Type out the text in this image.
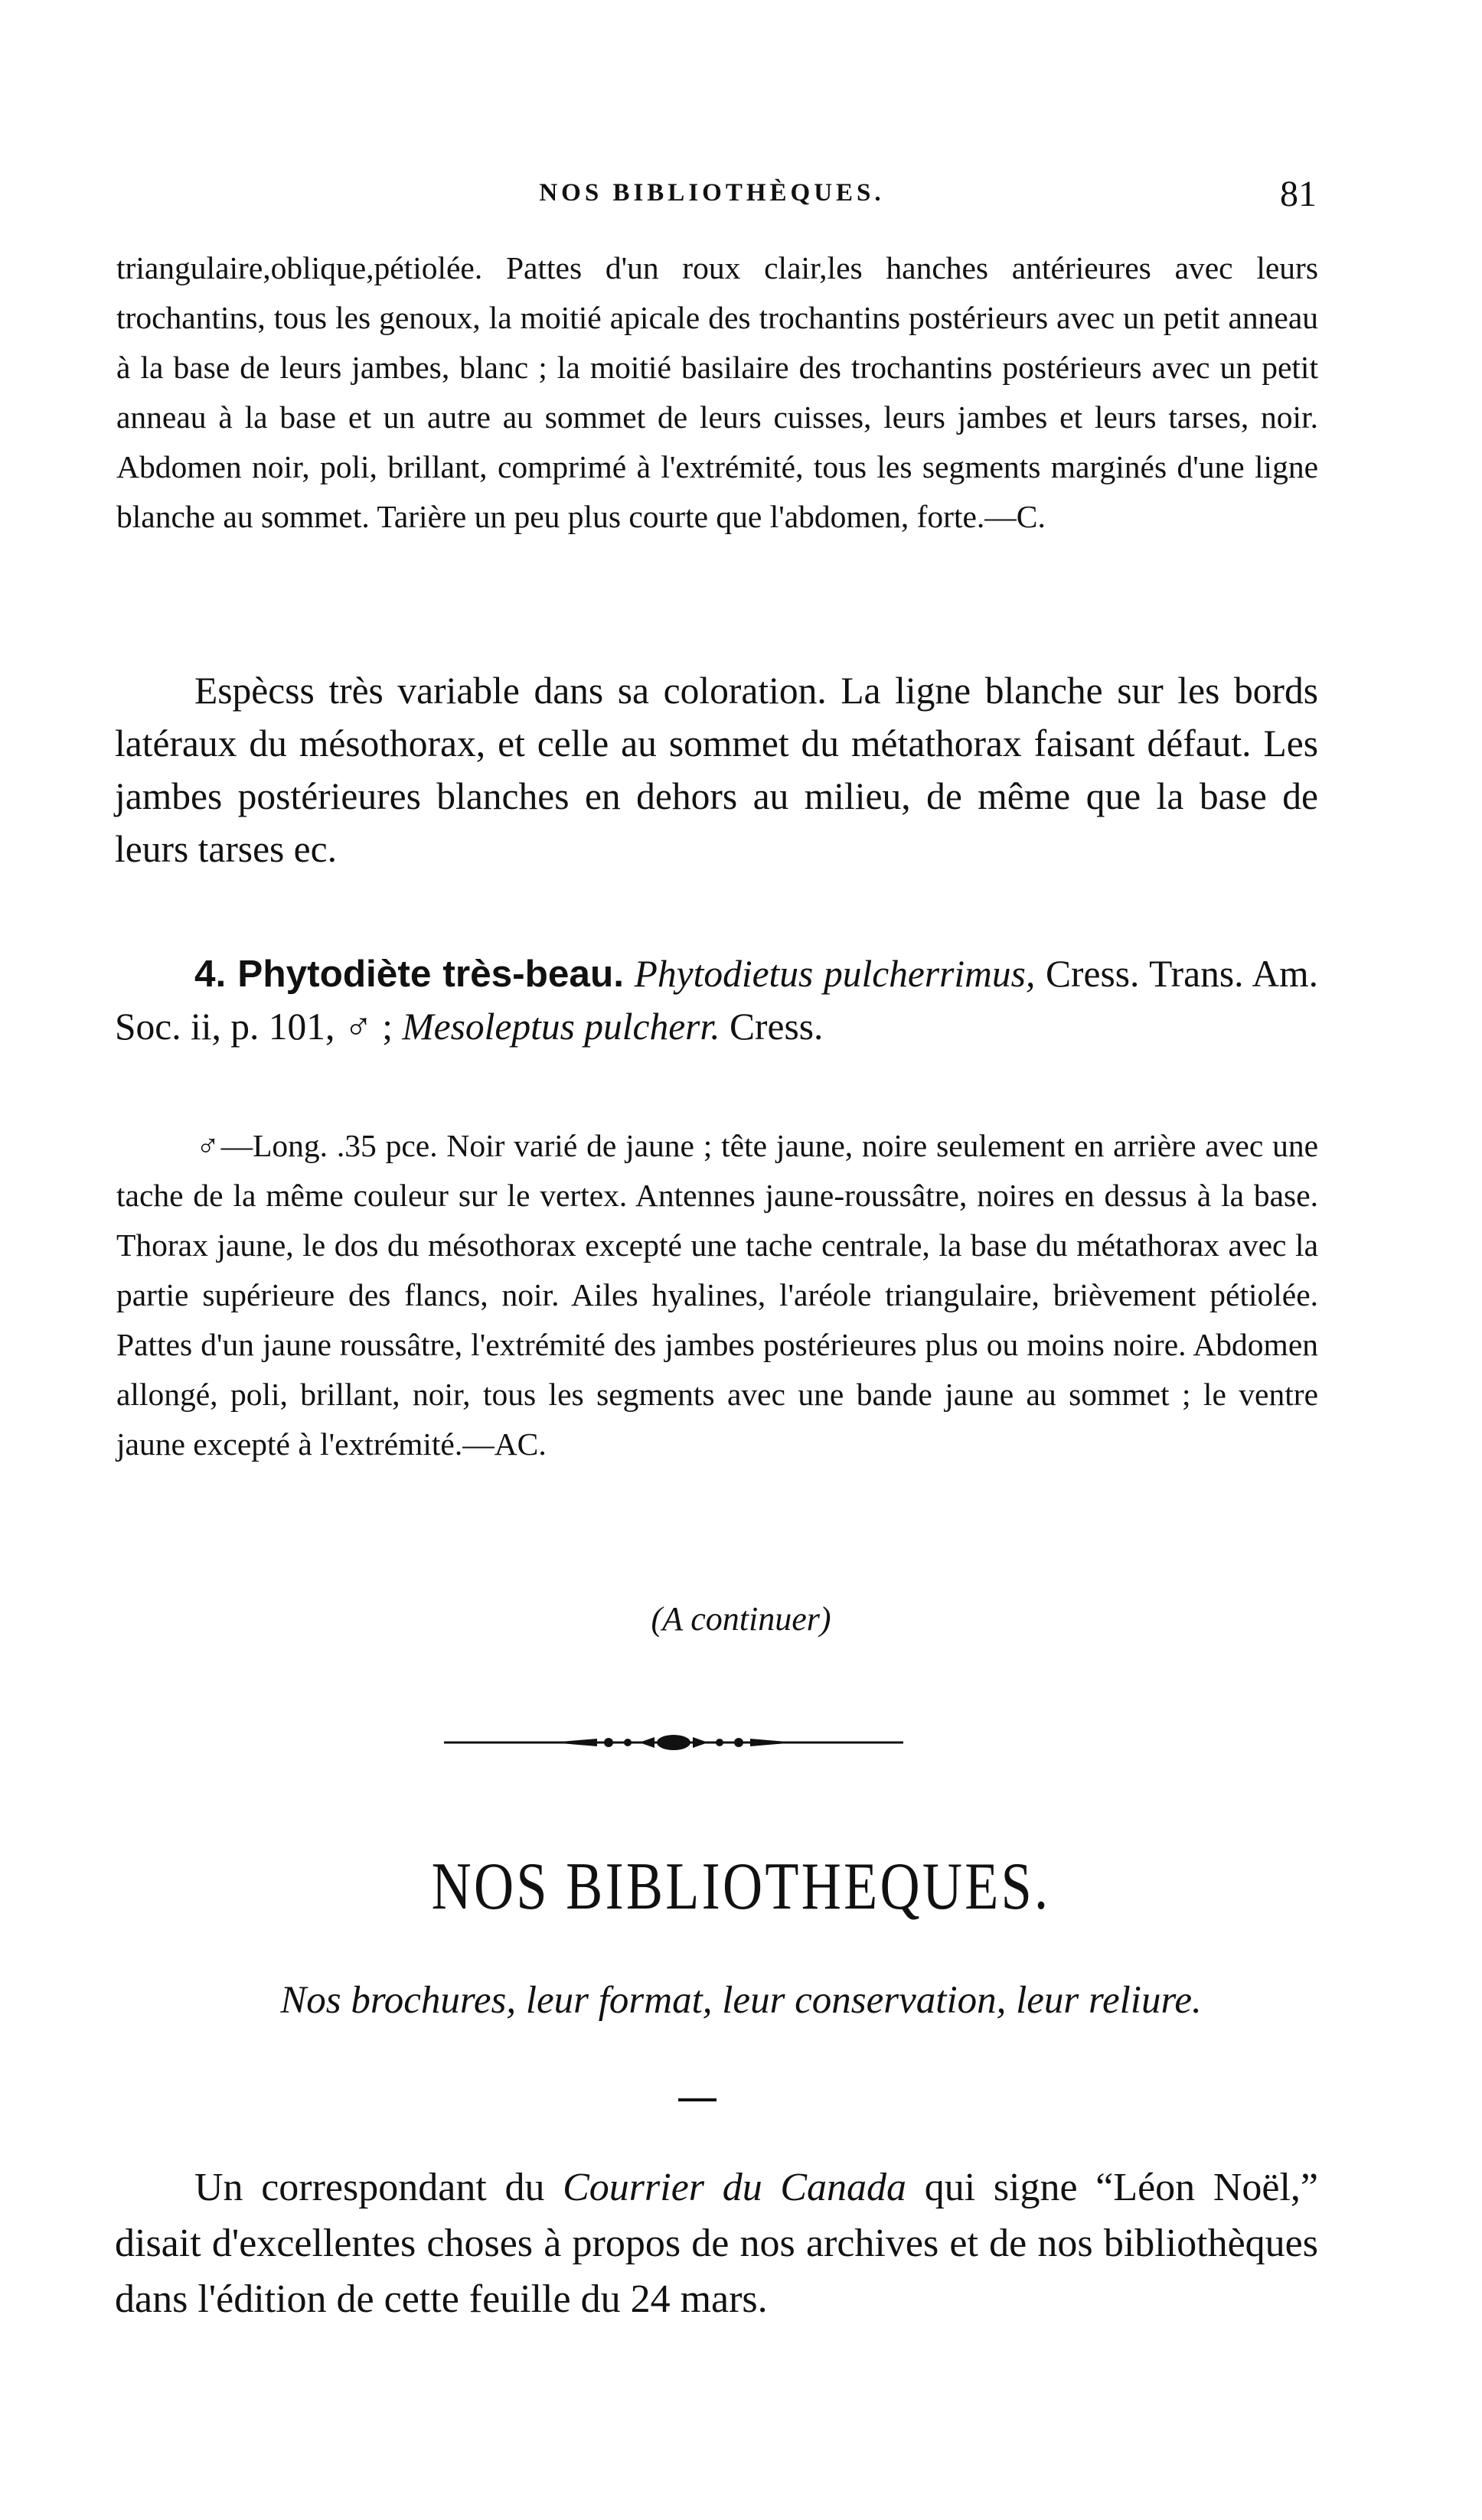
NOS BIBLIOTHÈQUES.	81

triangulaire,oblique,pétiolée. Pattes d'un roux clair,les hanches antérieures avec leurs trochantins, tous les genoux, la moitié apicale des trochantins postérieurs avec un petit anneau à la base de leurs jambes, blanc ; la moitié basilaire des trochantins postérieurs avec un petit anneau à la base et un autre au sommet de leurs cuisses, leurs jambes et leurs tarses, noir. Abdomen noir, poli, brillant, comprimé à l'extrémité, tous les segments marginés d'une ligne blanche au sommet. Tarière un peu plus courte que l'abdomen, forte.—C.

Espècss très variable dans sa coloration. La ligne blanche sur les bords latéraux du mésothorax, et celle au sommet du métathorax faisant défaut. Les jambes postérieures blanches en dehors au milieu, de même que la base de leurs tarses ec.

4. Phytodiète très-beau. Phytodietus pulcherrimus, Cress. Trans. Am. Soc. ii, p. 101, ♂ ; Mesoleptus pulcherr. Cress.

♂—Long. .35 pce. Noir varié de jaune ; tête jaune, noire seulement en arrière avec une tache de la même couleur sur le vertex. Antennes jaune-roussâtre, noires en dessus à la base. Thorax jaune, le dos du mésothorax excepté une tache centrale, la base du métathorax avec la partie supérieure des flancs, noir. Ailes hyalines, l'aréole triangulaire, brièvement pétiolée. Pattes d'un jaune roussâtre, l'extrémité des jambes postérieures plus ou moins noire. Abdomen allongé, poli, brillant, noir, tous les segments avec une bande jaune au sommet ; le ventre jaune excepté à l'extrémité.—AC.

(A continuer)
NOS BIBLIOTHEQUES.
Nos brochures, leur format, leur conservation, leur reliure.

Un correspondant du Courrier du Canada qui signe “Léon Noël,” disait d'excellentes choses à propos de nos archives et de nos bibliothèques dans l'édition de cette feuille du 24 mars.
